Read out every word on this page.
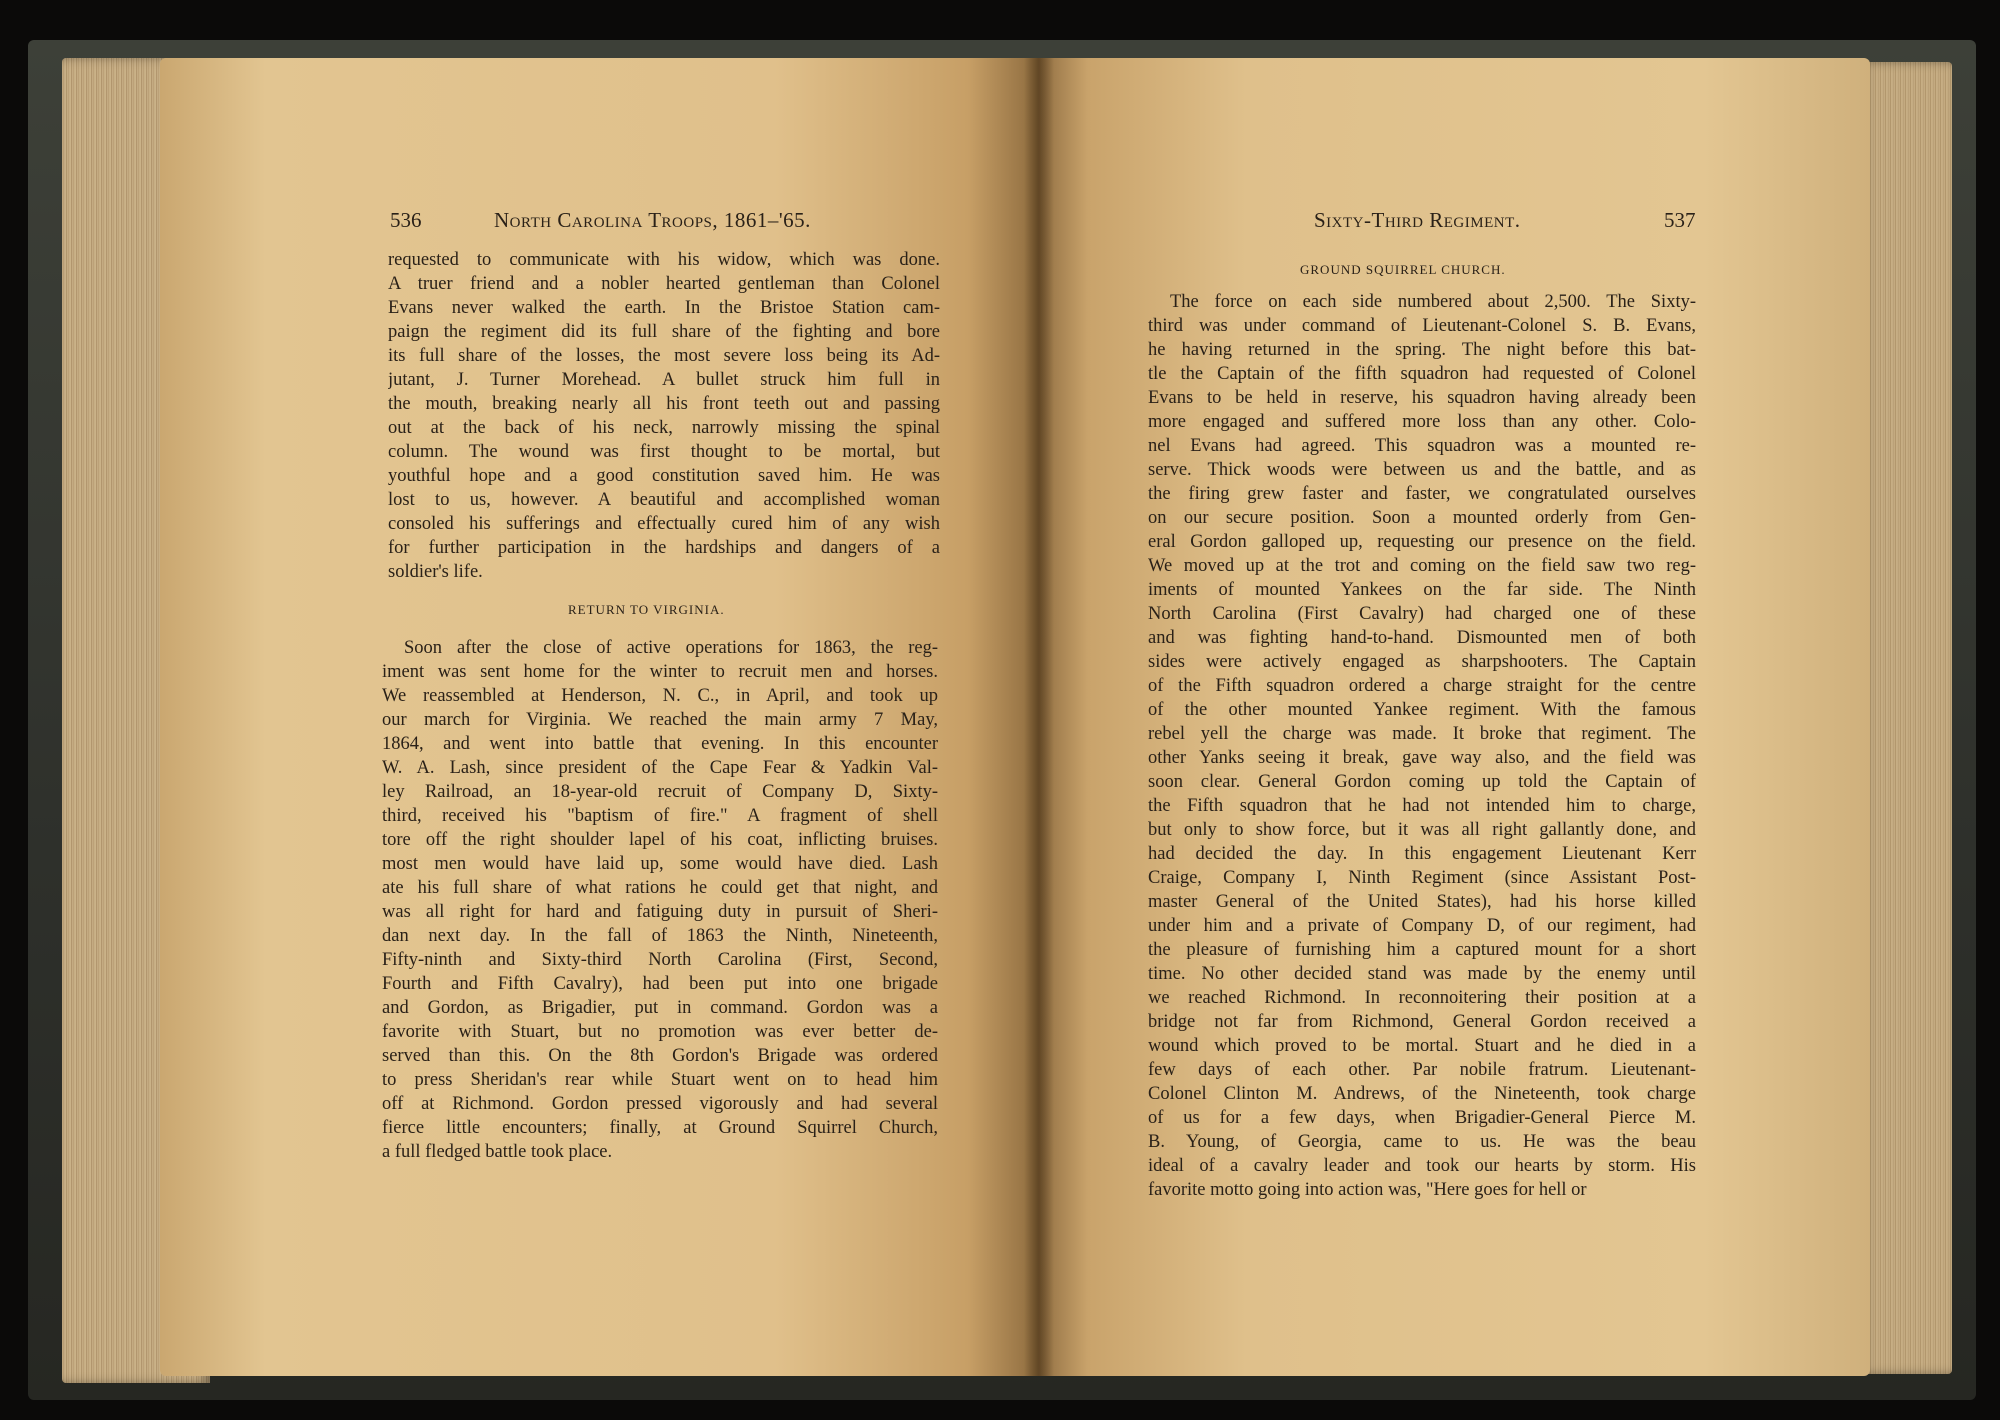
536	North Carolina Troops, 1861–'65.
requested to communicate with his widow, which was done.
A truer friend and a nobler hearted gentleman than Colonel
Evans never walked the earth. In the Bristoe Station cam-
paign the regiment did its full share of the fighting and bore
its full share of the losses, the most severe loss being its Ad-
jutant, J. Turner Morehead. A bullet struck him full in
the mouth, breaking nearly all his front teeth out and passing
out at the back of his neck, narrowly missing the spinal
column. The wound was first thought to be mortal, but
youthful hope and a good constitution saved him. He was
lost to us, however. A beautiful and accomplished woman
consoled his sufferings and effectually cured him of any wish
for further participation in the hardships and dangers of a
soldier's life.
RETURN TO VIRGINIA.
Soon after the close of active operations for 1863, the reg-
iment was sent home for the winter to recruit men and horses.
We reassembled at Henderson, N. C., in April, and took up
our march for Virginia. We reached the main army 7 May,
1864, and went into battle that evening. In this encounter
W. A. Lash, since president of the Cape Fear & Yadkin Val-
ley Railroad, an 18-year-old recruit of Company D, Sixty-
third, received his "baptism of fire." A fragment of shell
tore off the right shoulder lapel of his coat, inflicting bruises.
most men would have laid up, some would have died. Lash
ate his full share of what rations he could get that night, and
was all right for hard and fatiguing duty in pursuit of Sheri-
dan next day. In the fall of 1863 the Ninth, Nineteenth,
Fifty-ninth and Sixty-third North Carolina (First, Second,
Fourth and Fifth Cavalry), had been put into one brigade
and Gordon, as Brigadier, put in command. Gordon was a
favorite with Stuart, but no promotion was ever better de-
served than this. On the 8th Gordon's Brigade was ordered
to press Sheridan's rear while Stuart went on to head him
off at Richmond. Gordon pressed vigorously and had several
fierce little encounters; finally, at Ground Squirrel Church,
a full fledged battle took place.
Sixty-Third Regiment.	537
GROUND SQUIRREL CHURCH.
The force on each side numbered about 2,500. The Sixty-
third was under command of Lieutenant-Colonel S. B. Evans,
he having returned in the spring. The night before this bat-
tle the Captain of the fifth squadron had requested of Colonel
Evans to be held in reserve, his squadron having already been
more engaged and suffered more loss than any other. Colo-
nel Evans had agreed. This squadron was a mounted re-
serve. Thick woods were between us and the battle, and as
the firing grew faster and faster, we congratulated ourselves
on our secure position. Soon a mounted orderly from Gen-
eral Gordon galloped up, requesting our presence on the field.
We moved up at the trot and coming on the field saw two reg-
iments of mounted Yankees on the far side. The Ninth
North Carolina (First Cavalry) had charged one of these
and was fighting hand-to-hand. Dismounted men of both
sides were actively engaged as sharpshooters. The Captain
of the Fifth squadron ordered a charge straight for the centre
of the other mounted Yankee regiment. With the famous
rebel yell the charge was made. It broke that regiment. The
other Yanks seeing it break, gave way also, and the field was
soon clear. General Gordon coming up told the Captain of
the Fifth squadron that he had not intended him to charge,
but only to show force, but it was all right gallantly done, and
had decided the day. In this engagement Lieutenant Kerr
Craige, Company I, Ninth Regiment (since Assistant Post-
master General of the United States), had his horse killed
under him and a private of Company D, of our regiment, had
the pleasure of furnishing him a captured mount for a short
time. No other decided stand was made by the enemy until
we reached Richmond. In reconnoitering their position at a
bridge not far from Richmond, General Gordon received a
wound which proved to be mortal. Stuart and he died in a
few days of each other. Par nobile fratrum. Lieutenant-
Colonel Clinton M. Andrews, of the Nineteenth, took charge
of us for a few days, when Brigadier-General Pierce M.
B. Young, of Georgia, came to us. He was the beau
ideal of a cavalry leader and took our hearts by storm. His
favorite motto going into action was, "Here goes for hell or
